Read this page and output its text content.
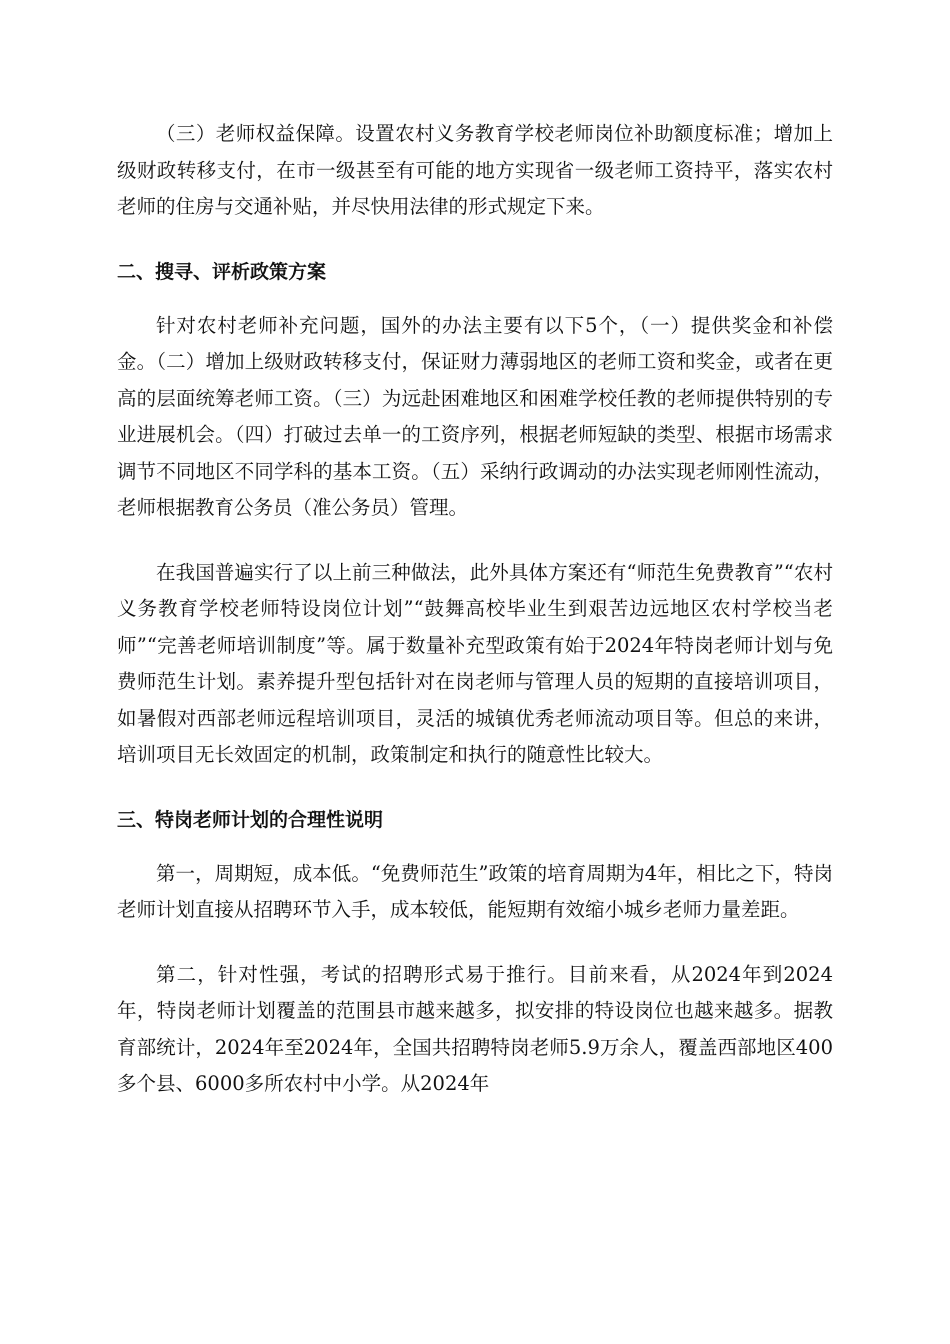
（三）老师权益保障。设置农村义务教育学校老师岗位补助额度标准；增加上级财政转移支付，在市一级甚至有可能的地方实现省一级老师工资持平，落实农村老师的住房与交通补贴，并尽快用法律的形式规定下来。

二、搜寻、评析政策方案

针对农村老师补充问题，国外的办法主要有以下5个，（一）提供奖金和补偿金。（二）增加上级财政转移支付，保证财力薄弱地区的老师工资和奖金，或者在更高的层面统筹老师工资。（三）为远赴困难地区和困难学校任教的老师提供特别的专业进展机会。（四）打破过去单一的工资序列，根据老师短缺的类型、根据市场需求调节不同地区不同学科的基本工资。（五）采纳行政调动的办法实现老师刚性流动，老师根据教育公务员（准公务员）管理。

在我国普遍实行了以上前三种做法，此外具体方案还有“师范生免费教育”“农村义务教育学校老师特设岗位计划”“鼓舞高校毕业生到艰苦边远地区农村学校当老师”“完善老师培训制度”等。属于数量补充型政策有始于2024年特岗老师计划与免费师范生计划。素养提升型包括针对在岗老师与管理人员的短期的直接培训项目，如暑假对西部老师远程培训项目，灵活的城镇优秀老师流动项目等。但总的来讲，培训项目无长效固定的机制，政策制定和执行的随意性比较大。

三、特岗老师计划的合理性说明

第一，周期短，成本低。“免费师范生”政策的培育周期为4年，相比之下，特岗老师计划直接从招聘环节入手，成本较低，能短期有效缩小城乡老师力量差距。

第二，针对性强，考试的招聘形式易于推行。目前来看，从2024年到2024年，特岗老师计划覆盖的范围县市越来越多，拟安排的特设岗位也越来越多。据教育部统计，2024年至2024年，全国共招聘特岗老师5.9万余人，覆盖西部地区400多个县、6000多所农村中小学。从2024年
